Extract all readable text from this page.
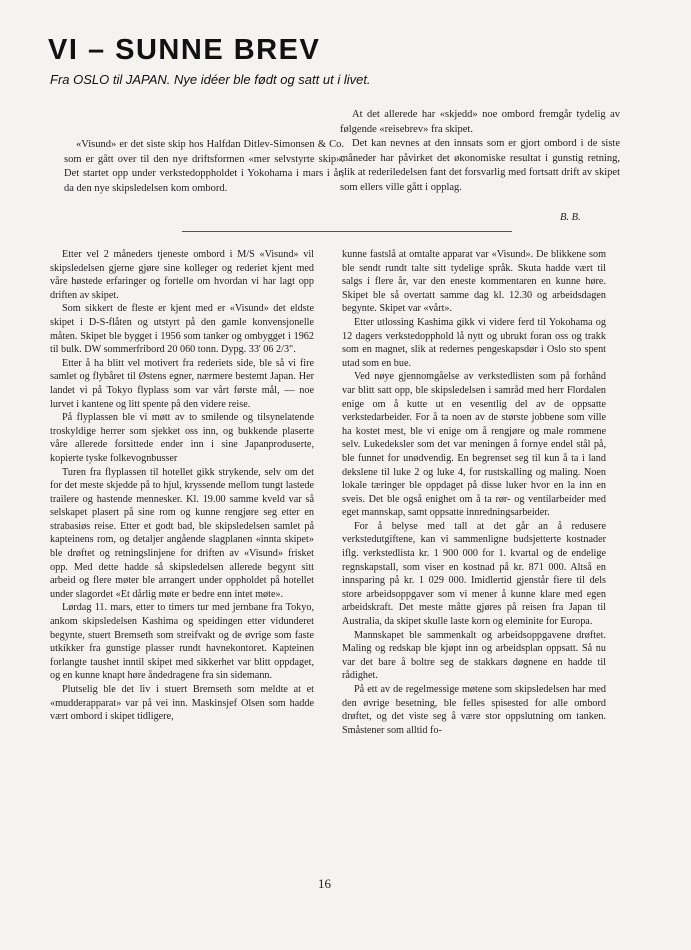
VI – SUNNE BREV
Fra OSLO til JAPAN. Nye idéer ble født og satt ut i livet.

«Visund» er det siste skip hos Halfdan Ditlev-Simonsen & Co. som er gått over til den nye driftsformen «mer selvstyrte skip». Det startet opp under verkstedoppholdet i Yokohama i mars i år, da den nye skipsledelsen kom ombord.

At det allerede har «skjedd» noe ombord fremgår tydelig av følgende «reisebrev» fra skipet.

Det kan nevnes at den innsats som er gjort ombord i de siste måneder har påvirket det økonomiske resultat i gunstig retning, slik at rederiledelsen fant det forsvarlig med fortsatt drift av skipet som ellers ville gått i opplag.

B. B.

Etter vel 2 måneders tjeneste ombord i M/S «Visund» vil skipsledelsen gjerne gjøre sine kolleger og rederiet kjent med våre høstede erfaringer og fortelle om hvordan vi har lagt opp driften av skipet.

Som sikkert de fleste er kjent med er «Visund» det eldste skipet i D-S-flåten og utstyrt på den gamle konvensjonelle måten. Skipet ble bygget i 1956 som tanker og ombygget i 1962 til bulk. DW sommerfribord 20 060 tonn. Dypg. 33' 06 2/3".

Etter å ha blitt vel motivert fra rederiets side, ble så vi fire samlet og flybåret til Østens egner, nærmere bestemt Japan. Her landet vi på Tokyo flyplass som var vårt første mål, — noe lurvet i kantene og litt spente på den videre reise.

På flyplassen ble vi møtt av to smilende og tilsynelatende troskyldige herrer som sjekket oss inn, og bukkende plaserte våre allerede forsittede ender inn i sine Japanproduserte, kopierte tyske folkevognbusser

Turen fra flyplassen til hotellet gikk strykende, selv om det for det meste skjedde på to hjul, kryssende mellom tungt lastede trailere og hastende mennesker. Kl. 19.00 samme kveld var så selskapet plasert på sine rom og kunne rengjøre seg etter en strabasiøs reise. Etter et godt bad, ble skipsledelsen samlet på kapteinens rom, og detaljer angående slagplanen «innta skipet» ble drøftet og retningslinjene for driften av «Visund» frisket opp. Med dette hadde så skipsledelsen allerede begynt sitt arbeid og flere møter ble arrangert under oppholdet på hotellet under slagordet «Et dårlig møte er bedre enn intet møte».

Lørdag 11. mars, etter to timers tur med jernbane fra Tokyo, ankom skipsledelsen Kashima og speidingen etter vidunderet begynte, stuert Bremseth som streifvakt og de øvrige som faste utkikker fra gunstige plasser rundt havnekontoret. Kapteinen forlangte taushet inntil skipet med sikkerhet var blitt oppdaget, og en kunne knapt høre åndedragene fra sin sidemann.

Plutselig ble det liv i stuert Bremseth som meldte at et «mudderapparat» var på vei inn. Maskinsjef Olsen som hadde vært ombord i skipet tidligere,

kunne fastslå at omtalte apparat var «Visund». De blikkene som ble sendt rundt talte sitt tydelige språk. Skuta hadde vært til salgs i flere år, var den eneste kommentaren en kunne høre. Skipet ble så overtatt samme dag kl. 12.30 og arbeidsdagen begynte. Skipet var «vårt».

Etter utlossing Kashima gikk vi videre ferd til Yokohama og 12 dagers verkstedopphold lå nytt og ubrukt foran oss og trakk som en magnet, slik at redernes pengeskapsdør i Oslo sto spent utad som en bue.

Ved nøye gjennomgåelse av verkstedlisten som på forhånd var blitt satt opp, ble skipsledelsen i samråd med herr Flordalen enige om å kutte ut en vesentlig del av de oppsatte verkstedarbeider. For å ta noen av de største jobbene som ville ha kostet mest, ble vi enige om å rengjøre og male rommene selv. Lukedeksler som det var meningen å fornye endel stål på, ble funnet for unødvendig. En begrenset seg til kun å ta i land dekslene til luke 2 og luke 4, for rustskalling og maling. Noen lokale tæringer ble oppdaget på disse luker hvor en la inn en sveis. Det ble også enighet om å ta rør- og ventilarbeider med eget mannskap, samt oppsatte innredningsarbeider.

For å belyse med tall at det går an å redusere verkstedutgiftene, kan vi sammenligne budsjetterte kostnader iflg. verkstedlista kr. 1 900 000 for 1. kvartal og de endelige regnskapstall, som viser en kostnad på kr. 871 000. Altså en innsparing på kr. 1 029 000. Imidlertid gjenstår fiere til dels store arbeidsoppgaver som vi mener å kunne klare med egen arbeidskraft. Det meste måtte gjøres på reisen fra Japan til Australia, da skipet skulle laste korn og eleminite for Europa.

Mannskapet ble sammenkalt og arbeidsoppgavene drøftet. Maling og redskap ble kjøpt inn og arbeidsplan oppsatt. Så nu var det bare å boltre seg de stakkars døgnene en hadde til rådighet.

På ett av de regelmessige møtene som skipsledelsen har med den øvrige besetning, ble felles spisested for alle ombord drøftet, og det viste seg å være stor oppslutning om tanken. Småstener som alltid fo-

16
